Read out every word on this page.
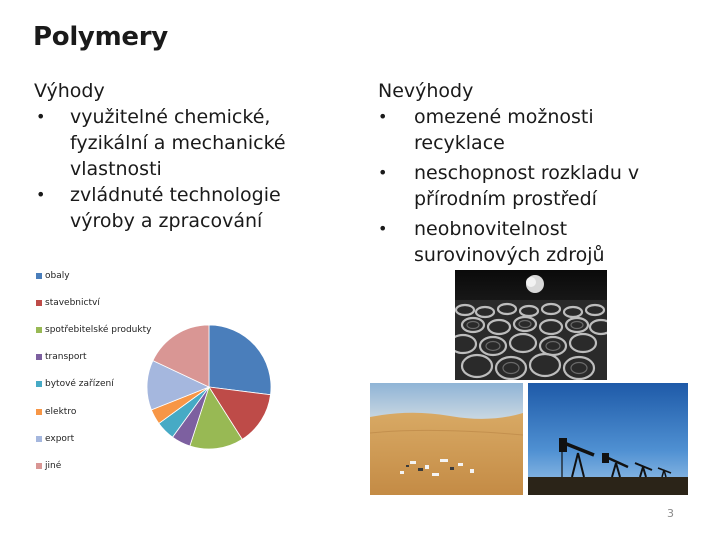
Polymery
Výhody
• využitelné chemické,
fyzikální a mechanické
vlastnosti
• zvládnuté technologie
výroby a zpracování
Nevýhody
• omezené možnosti
recyklace
• neschopnost rozkladu v
přírodním prostředí
• neobnovitelnost
surovinových zdrojů
obaly
stavebnictví
spotřebitelské produkty
transport
bytové zařízení
elektro
export
jiné
3
